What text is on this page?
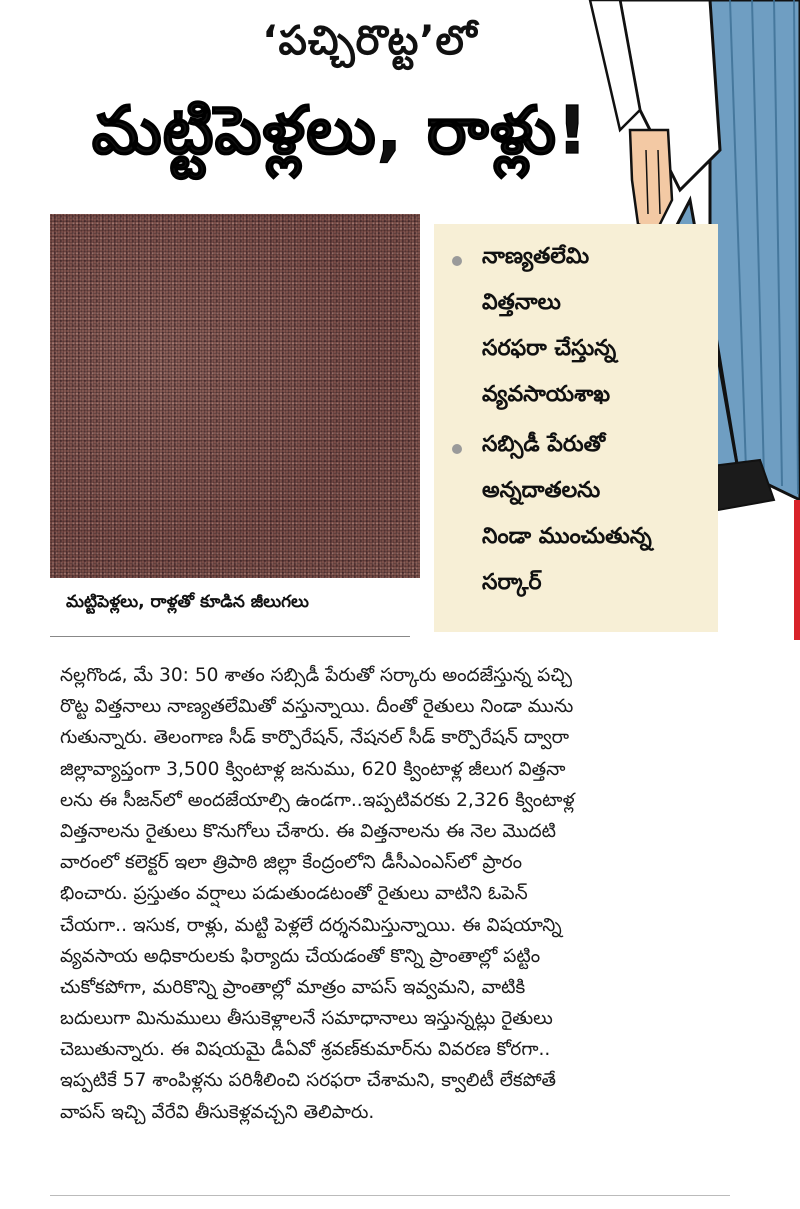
‘పచ్చిరొట్ట’లో
మట్టిపెళ్లలు, రాళ్లు!
మట్టిపెళ్లలు, రాళ్లతో కూడిన జీలుగలు
నాణ్యతలేమి
విత్తనాలు
సరఫరా చేస్తున్న
వ్యవసాయశాఖ
సబ్సిడీ పేరుతో
అన్నదాతలను
నిండా ముంచుతున్న
సర్కార్
నల్లగొండ, మే 30: 50 శాతం సబ్సిడీ పేరుతో సర్కారు అందజేస్తున్న పచ్చి
రొట్ట విత్తనాలు నాణ్యతలేమితో వస్తున్నాయి. దీంతో రైతులు నిండా మును
గుతున్నారు. తెలంగాణ సీడ్ కార్పొరేషన్, నేషనల్ సీడ్ కార్పొరేషన్ ద్వారా
జిల్లావ్యాప్తంగా 3,500 క్వింటాళ్ల జనుము, 620 క్వింటాళ్ల జీలుగ విత్తనా
లను ఈ సీజన్‌లో అందజేయాల్సి ఉండగా..ఇప్పటివరకు 2,326 క్వింటాళ్ల
విత్తనాలను రైతులు కొనుగోలు చేశారు. ఈ విత్తనాలను ఈ నెల మొదటి
వారంలో కలెక్టర్ ఇలా త్రిపాఠి జిల్లా కేంద్రంలోని డీసీఎంఎస్‌లో ప్రారం
భించారు. ప్రస్తుతం వర్షాలు పడుతుండటంతో రైతులు వాటిని ఓపెన్
చేయగా.. ఇసుక, రాళ్లు, మట్టి పెళ్లలే దర్శనమిస్తున్నాయి. ఈ విషయాన్ని
వ్యవసాయ అధికారులకు ఫిర్యాదు చేయడంతో కొన్ని ప్రాంతాల్లో పట్టిం
చుకోకపోగా, మరికొన్ని ప్రాంతాల్లో మాత్రం వాపస్ ఇవ్వమని, వాటికి
బదులుగా మినుములు తీసుకెళ్లాలనే సమాధానాలు ఇస్తున్నట్లు రైతులు
చెబుతున్నారు. ఈ విషయమై డీఏవో శ్రవణ్‌కుమార్‌ను వివరణ కోరగా..
ఇప్పటికే 57 శాంపిళ్లను పరిశీలించి సరఫరా చేశామని, క్వాలిటీ లేకపోతే
వాపస్ ఇచ్చి వేరేవి తీసుకెళ్లవచ్చని తెలిపారు.
